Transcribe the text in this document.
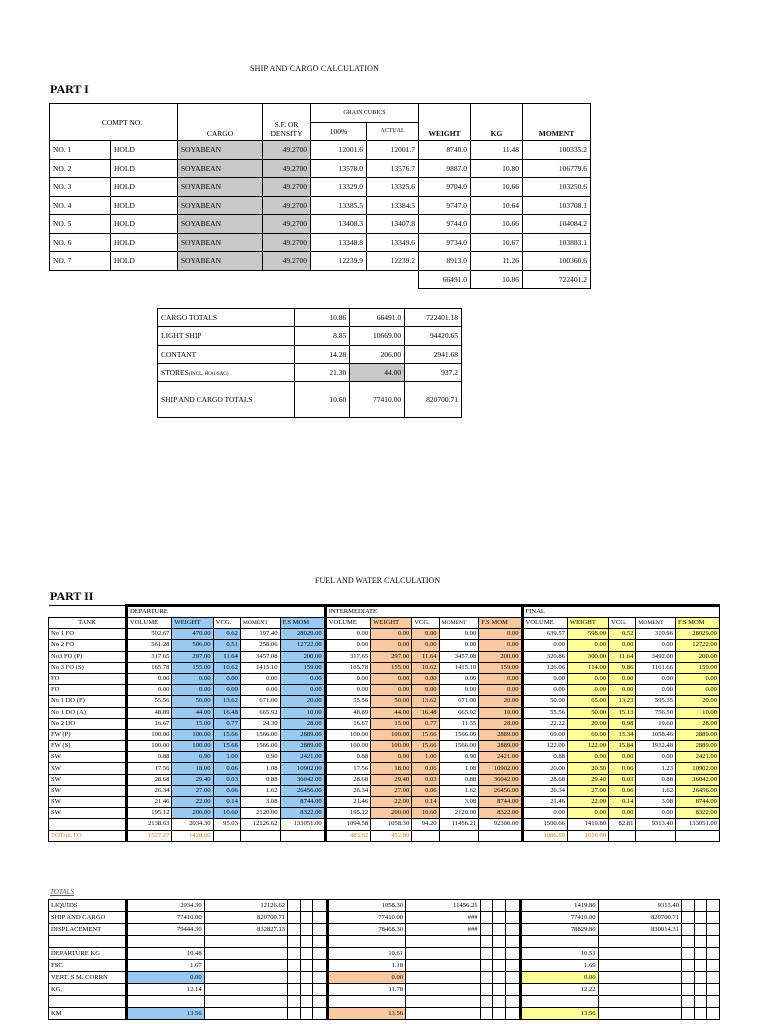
SHIP AND CARGO CALCULATION
PART I
COMPT NO.		CARGO	S.F. OR DENSITY	GRAIN CUBICS		WEIGHT	KG	MOMENT
				100%	ACTUAL			
NO. 1	HOLD	SOYABEAN	49.2700	12001.6	12001.7	8740.0	11.48	100335.2
NO. 2	HOLD	SOYABEAN	49.2700	13578.0	13576.7	9887.0	10.80	106779.6
NO. 3	HOLD	SOYABEAN	49.2700	13329.0	13325.6	9704.0	10.66	103250.6
NO. 4	HOLD	SOYABEAN	49.2700	13385.5	13384.5	9747.0	10.64	103708.1
NO. 5	HOLD	SOYABEAN	49.2700	13408.3	13407.8	9744.0	10.66	104084.2
NO. 6	HOLD	SOYABEAN	49.2700	13348.8	13349.6	9734.0	10.67	103883.1
NO. 7	HOLD	SOYABEAN	49.2700	12239.9	12239.2	8913.0	11.26	100360.6
						66491.0	10.86	722401.2
CARGO TOTALS	10.86	66491.0	722401.18
LIGHT SHIP	8.85	10669.00	94420.65
CONTANT	14.28	206.00	2941.68
STORES(INCL. HOG/SAG)	21.30	44.00	937.2
SHIP AND CARGO TOTALS	10.60	77410.00	820700.71
FUEL AND WATER CALCULATION
PART II
	DEPARTURE					INTERMEDIATE					FINAL				
TANK	VOLUME	WEIGHT	VCG.	MOMENT	F.S MOM	VOLUME	WEIGHT	VCG.	MOMENT	F.S MOM	VOLUME	WEIGHT	VCG.	MOMENT	F.S MOM
No 1 FO	502.67	470.00	0.62	197.40	28029.00	0.00	0.00	0.00	0.00	0.00	639.57	598.00	0.52	310.96	28029.00
No 2 FO	561.28	506.00	0.51	258.06	12722.00	0.00	0.00	0.00	0.00	0.00	0.00	0.00	0.00	0.00	12722.00
No3 FO (P)	317.65	297.00	11.64	3457.08	200.00	317.65	297.00	11.64	3457.08	200.00	320.86	300.00	11.64	3492.00	200.00
No 3 FO (S)	165.78	155.00	10.62	1415.10	159.00	165.78	155.00	10.62	1415.10	159.00	126.06	114.00	9.86	1161.66	159.00
FO	0.00	0.00	0.00	0.00	0.00	0.00	0.00	0.00	0.00	0.00	0.00	0.00	0.00	0.00	0.00
FO	0.00	0.00	0.00	0.00	0.00	0.00	0.00	0.00	0.00	0.00	0.00	0.00	0.00	0.00	0.00
No 1 DO (F)	55.56	50.00	13.62	671.00	20.00	55.56	50.00	13.62	671.00	20.00	50.00	65.00	13.23	595.35	20.00
No 1 DO (A)	48.89	44.00	16.48	665.92	10.00	48.89	44.00	16.48	665.92	10.00	55.56	50.00	15.13	756.50	10.00
No 2 DO	16.67	15.00	0.77	24.30	28.00	16.67	15.00	0.77	11.55	28.00	22.22	20.00	0.98	19.60	28.00
FW (P)	100.00	100.00	15.66	1566.00	2889.00	100.00	100.00	15.66	1566.00	2889.00	69.00	69.00	15.34	1058.46	2889.00
FW (S)	100.00	100.00	15.66	1566.00	2889.00	100.00	100.00	15.66	1566.00	2889.00	122.00	122.00	15.84	1932.48	2889.00
SW	0.88	0.90	1.00	0.90	2421.00	0.88	0.90	1.00	0.90	2421.00	0.88	0.90	0.00	0.00	2421.00
SW	17.56	18.00	0.06	1.08	10902.00	17.56	18.00	0.06	1.08	10902.00	20.00	20.50	0.06	1.23	10902.00
SW	28.68	29.40	0.03	0.88	36042.00	28.68	29.40	0.03	0.88	36042.00	28.68	29.40	0.03	0.88	36042.00
SW	26.34	27.00	0.06	1.62	26456.00	26.34	27.00	0.06	1.62	26456.00	26.34	27.00	0.06	1.62	26456.00
SW	21.46	22.00	0.14	3.08	8744.00	21.46	22.00	0.14	3.08	8744.00	21.46	22.00	0.14	3.08	8744.00
SW	195.12	200.00	10.60	2120.00	8322.00	195.12	200.00	10.60	2120.00	8322.00	0.00	0.00	0.00	0.00	8322.00
	2138.63	2034.30	95.03	12126.62	133051.00	1094.58	1058.30	94.20	11456.21	92300.00	1500.66	1419.80	82.81	9313.40	133051.00
TOTAL FO	1527.27	1428.00				483.62	452.00				1086.69	1016.00			
TOTALS
LIQUIDS	2034.30	12126.62				1058.30	11456.21				1419.80	9313.40			
SHIP AND CARGO	77410.00	820700.71				77410.00	###				77410.00	820700.71			
DISPLACEMENT	79444.30	832827.13				78468.30	###				78829.80	830014.31			

DEPARTURE KG	10.48					10.61					10.53				
FSC	1.67					1.18					1.69				
VERT. S.M. CORRN	0.00					0.00					0.00				
KG,	12.14					11.78					12.22				

KM	13.56					13.56					13.56				
